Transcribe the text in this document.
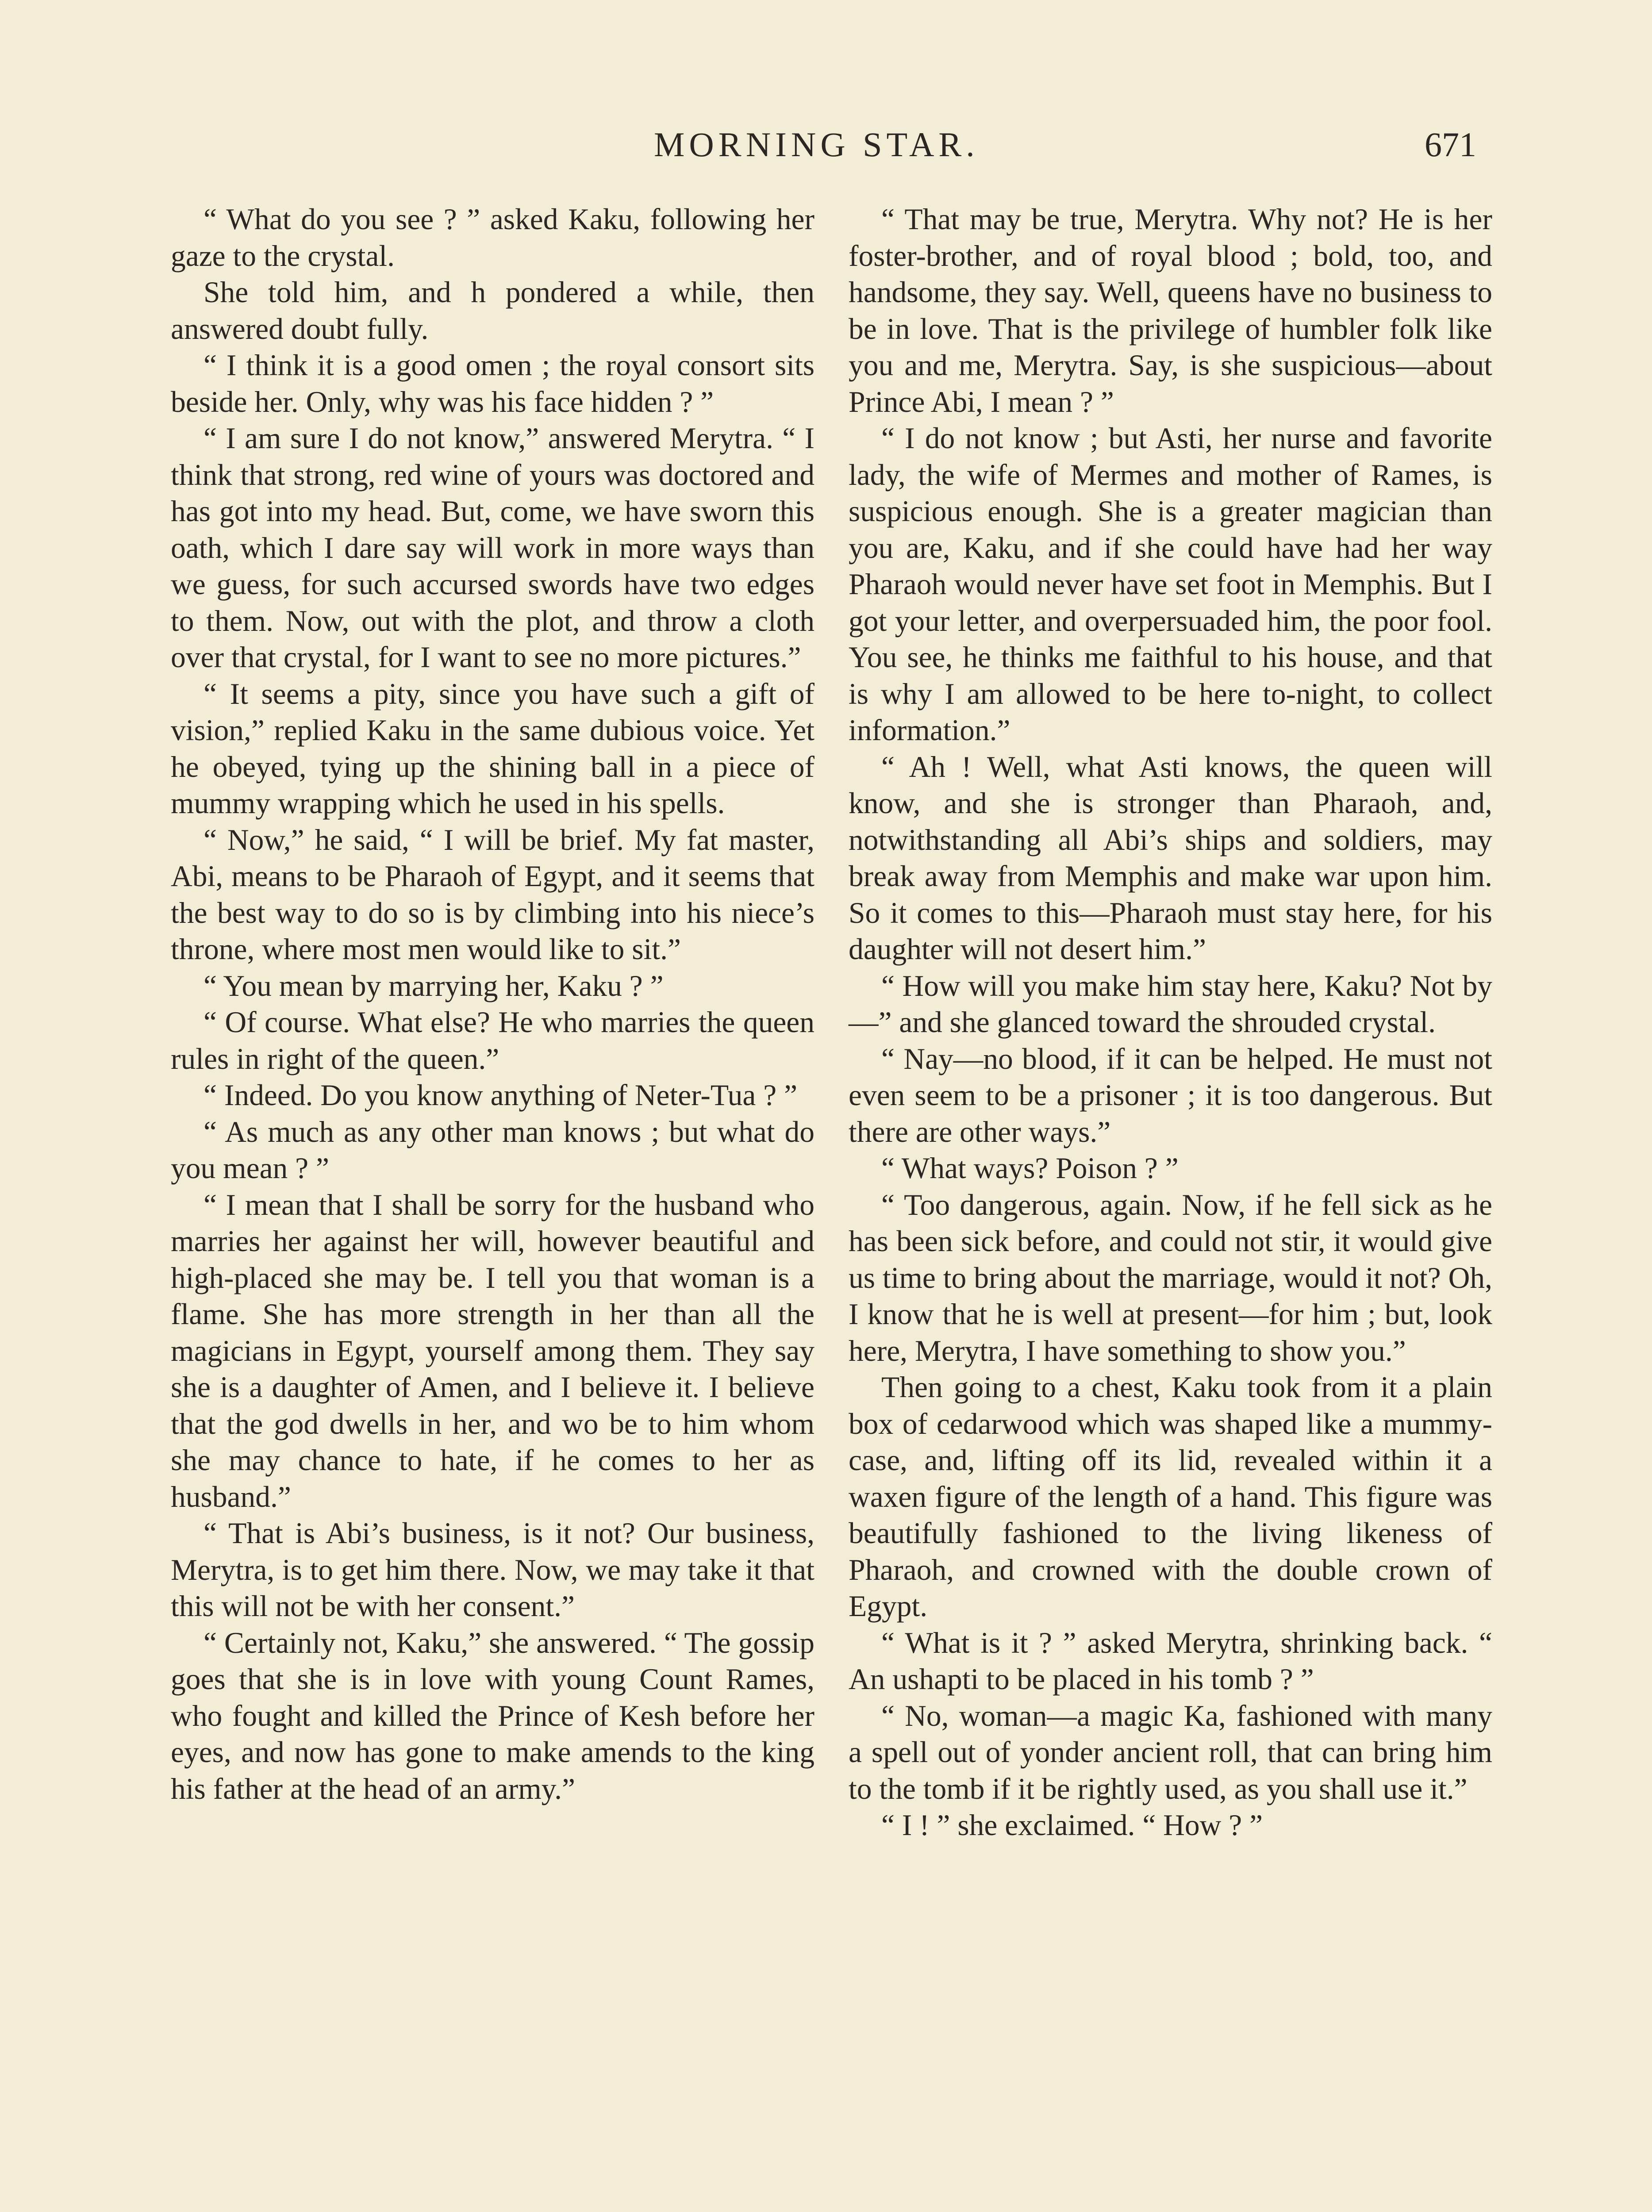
MORNING STAR.	671

“ What do you see ? ” asked Kaku, following her gaze to the crystal.

She told him, and h pondered a while, then answered doubt fully.

“ I think it is a good omen ; the royal consort sits beside her. Only, why was his face hidden ? ”

“ I am sure I do not know,” answered Merytra. “ I think that strong, red wine of yours was doctored and has got into my head. But, come, we have sworn this oath, which I dare say will work in more ways than we guess, for such accursed swords have two edges to them. Now, out with the plot, and throw a cloth over that crystal, for I want to see no more pictures.”

“ It seems a pity, since you have such a gift of vision,” replied Kaku in the same dubious voice. Yet he obeyed, tying up the shining ball in a piece of mummy wrapping which he used in his spells.

“ Now,” he said, “ I will be brief. My fat master, Abi, means to be Pharaoh of Egypt, and it seems that the best way to do so is by climbing into his niece’s throne, where most men would like to sit.”

“ You mean by marrying her, Kaku ? ”

“ Of course. What else? He who marries the queen rules in right of the queen.”

“ Indeed. Do you know anything of Neter-Tua ? ”

“ As much as any other man knows ; but what do you mean ? ”

“ I mean that I shall be sorry for the husband who marries her against her will, however beautiful and high-placed she may be. I tell you that woman is a flame. She has more strength in her than all the magicians in Egypt, yourself among them. They say she is a daughter of Amen, and I believe it. I believe that the god dwells in her, and wo be to him whom she may chance to hate, if he comes to her as husband.”

“ That is Abi’s business, is it not? Our business, Merytra, is to get him there. Now, we may take it that this will not be with her consent.”

“ Certainly not, Kaku,” she answered. “ The gossip goes that she is in love with young Count Rames, who fought and killed the Prince of Kesh before her eyes, and now has gone to make amends to the king his father at the head of an army.”

“ That may be true, Merytra. Why not? He is her foster-brother, and of royal blood ; bold, too, and handsome, they say. Well, queens have no business to be in love. That is the privilege of humbler folk like you and me, Merytra. Say, is she suspicious—about Prince Abi, I mean ? ”

“ I do not know ; but Asti, her nurse and favorite lady, the wife of Mermes and mother of Rames, is suspicious enough. She is a greater magician than you are, Kaku, and if she could have had her way Pharaoh would never have set foot in Memphis. But I got your letter, and overpersuaded him, the poor fool. You see, he thinks me faithful to his house, and that is why I am allowed to be here to-night, to collect information.”

“ Ah ! Well, what Asti knows, the queen will know, and she is stronger than Pharaoh, and, notwithstanding all Abi’s ships and soldiers, may break away from Memphis and make war upon him. So it comes to this—Pharaoh must stay here, for his daughter will not desert him.”

“ How will you make him stay here, Kaku? Not by—” and she glanced toward the shrouded crystal.

“ Nay—no blood, if it can be helped. He must not even seem to be a prisoner ; it is too dangerous. But there are other ways.”

“ What ways? Poison ? ”

“ Too dangerous, again. Now, if he fell sick as he has been sick before, and could not stir, it would give us time to bring about the marriage, would it not? Oh, I know that he is well at present—for him ; but, look here, Merytra, I have something to show you.”

Then going to a chest, Kaku took from it a plain box of cedarwood which was shaped like a mummy-case, and, lifting off its lid, revealed within it a waxen figure of the length of a hand. This figure was beautifully fashioned to the living likeness of Pharaoh, and crowned with the double crown of Egypt.

“ What is it ? ” asked Merytra, shrinking back. “ An ushapti to be placed in his tomb ? ”

“ No, woman—a magic Ka, fashioned with many a spell out of yonder ancient roll, that can bring him to the tomb if it be rightly used, as you shall use it.”

“ I ! ” she exclaimed. “ How ? ”
